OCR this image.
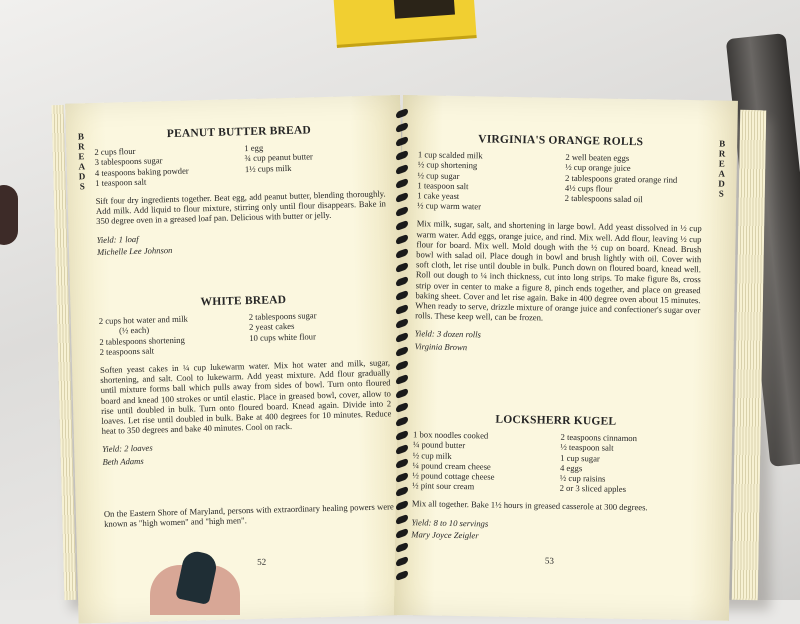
B
R
E
A
D
S
PEANUT BUTTER BREAD
2 cups flour
3 tablespoons sugar
4 teaspoons baking powder
1 teaspoon salt
1 egg
¾ cup peanut butter
1½ cups milk
Sift four dry ingredients together. Beat egg, add peanut butter, blending thoroughly. Add milk. Add liquid to flour mixture, stirring only until flour disappears. Bake in 350 degree oven in a greased loaf pan. Delicious with butter or jelly.
Yield: 1 loaf
Michelle Lee Johnson
WHITE BREAD
2 cups hot water and milk
(½ each)
2 tablespoons shortening
2 teaspoons salt
2 tablespoons sugar
2 yeast cakes
10 cups white flour
Soften yeast cakes in ¼ cup lukewarm water. Mix hot water and milk, sugar, shortening, and salt. Cool to lukewarm. Add yeast mixture. Add flour gradually until mixture forms ball which pulls away from sides of bowl. Turn onto floured board and knead 100 strokes or until elastic. Place in greased bowl, cover, allow to rise until doubled in bulk. Turn onto floured board. Knead again. Divide into 2 loaves. Let rise until doubled in bulk. Bake at 400 degrees for 10 minutes. Reduce heat to 350 degrees and bake 40 minutes. Cool on rack.
Yield: 2 loaves
Beth Adams
On the Eastern Shore of Maryland, persons with extraordinary healing powers were known as "high women" and "high men".
52
B
R
E
A
D
S
VIRGINIA'S ORANGE ROLLS
1 cup scalded milk
½ cup shortening
½ cup sugar
1 teaspoon salt
1 cake yeast
½ cup warm water
2 well beaten eggs
½ cup orange juice
2 tablespoons grated orange rind
4½ cups flour
2 tablespoons salad oil
Mix milk, sugar, salt, and shortening in large bowl. Add yeast dissolved in ½ cup warm water. Add eggs, orange juice, and rind. Mix well. Add flour, leaving ½ cup flour for board. Mix well. Mold dough with the ½ cup on board. Knead. Brush bowl with salad oil. Place dough in bowl and brush lightly with oil. Cover with soft cloth, let rise until double in bulk. Punch down on floured board, knead well. Roll out dough to ¼ inch thickness, cut into long strips. To make figure 8s, cross strip over in center to make a figure 8, pinch ends together, and place on greased baking sheet. Cover and let rise again. Bake in 400 degree oven about 15 minutes. When ready to serve, drizzle mixture of orange juice and confectioner's sugar over rolls. These keep well, can be frozen.
Yield: 3 dozen rolls
Virginia Brown
LOCKSHERR KUGEL
1 box noodles cooked
¼ pound butter
½ cup milk
¼ pound cream cheese
½ pound cottage cheese
½ pint sour cream
2 teaspoons cinnamon
½ teaspoon salt
1 cup sugar
4 eggs
½ cup raisins
2 or 3 sliced apples
Mix all together. Bake 1½ hours in greased casserole at 300 degrees.
Yield: 8 to 10 servings
Mary Joyce Zeigler
53
